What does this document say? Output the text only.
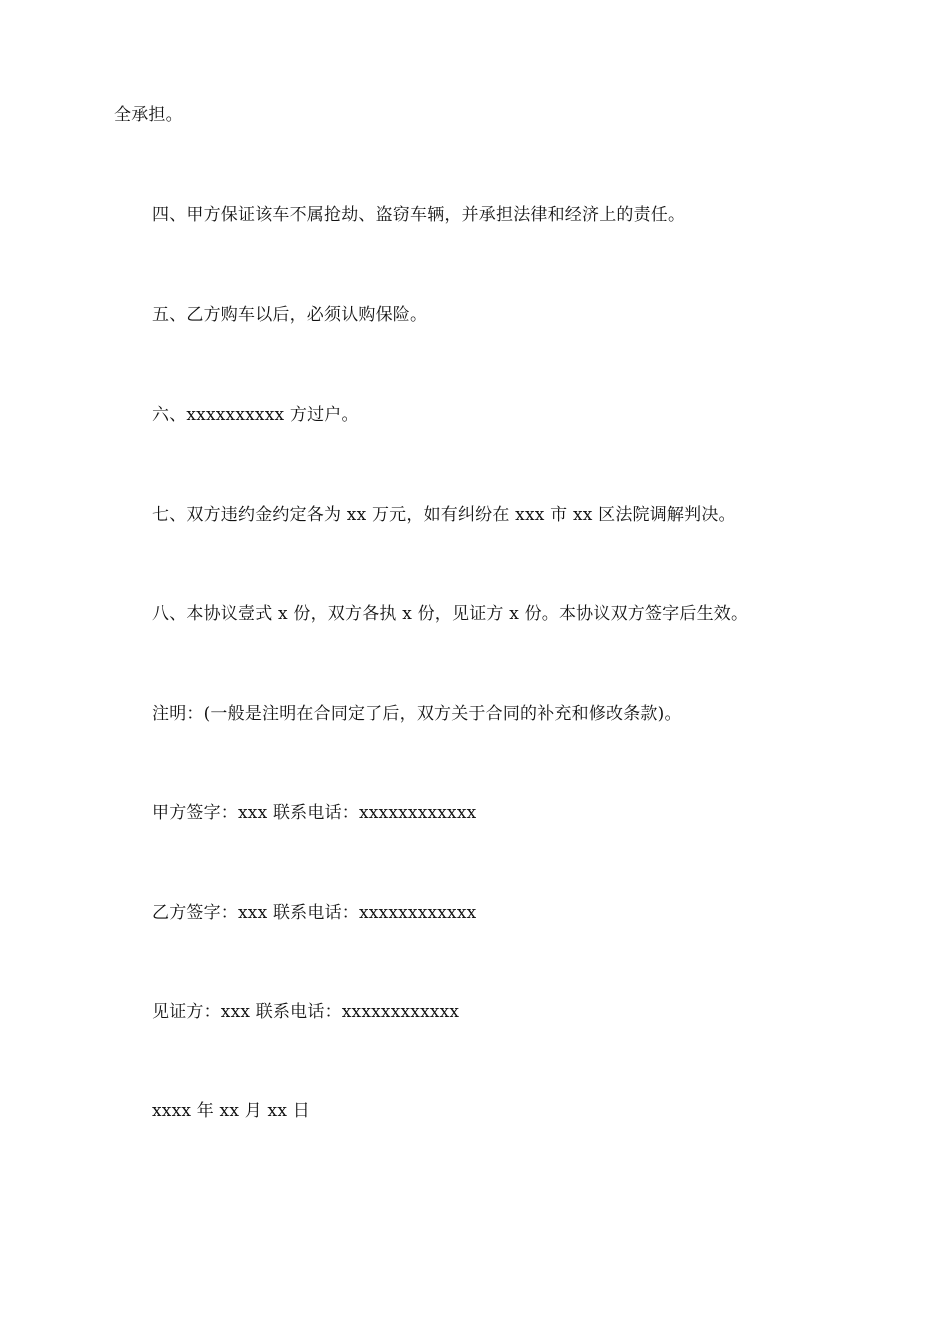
全承担。
四、甲方保证该车不属抢劫、盗窃车辆，并承担法律和经济上的责任。
五、乙方购车以后，必须认购保险。
六、xxxxxxxxxx 方过户。
七、双方违约金约定各为 xx 万元，如有纠纷在 xxx 市 xx 区法院调解判决。
八、本协议壹式 x 份，双方各执 x 份，见证方 x 份。本协议双方签字后生效。
注明：(一般是注明在合同定了后，双方关于合同的补充和修改条款)。
甲方签字：xxx 联系电话：xxxxxxxxxxxx
乙方签字：xxx 联系电话：xxxxxxxxxxxx
见证方：xxx 联系电话：xxxxxxxxxxxx
xxxx 年 xx 月 xx 日
